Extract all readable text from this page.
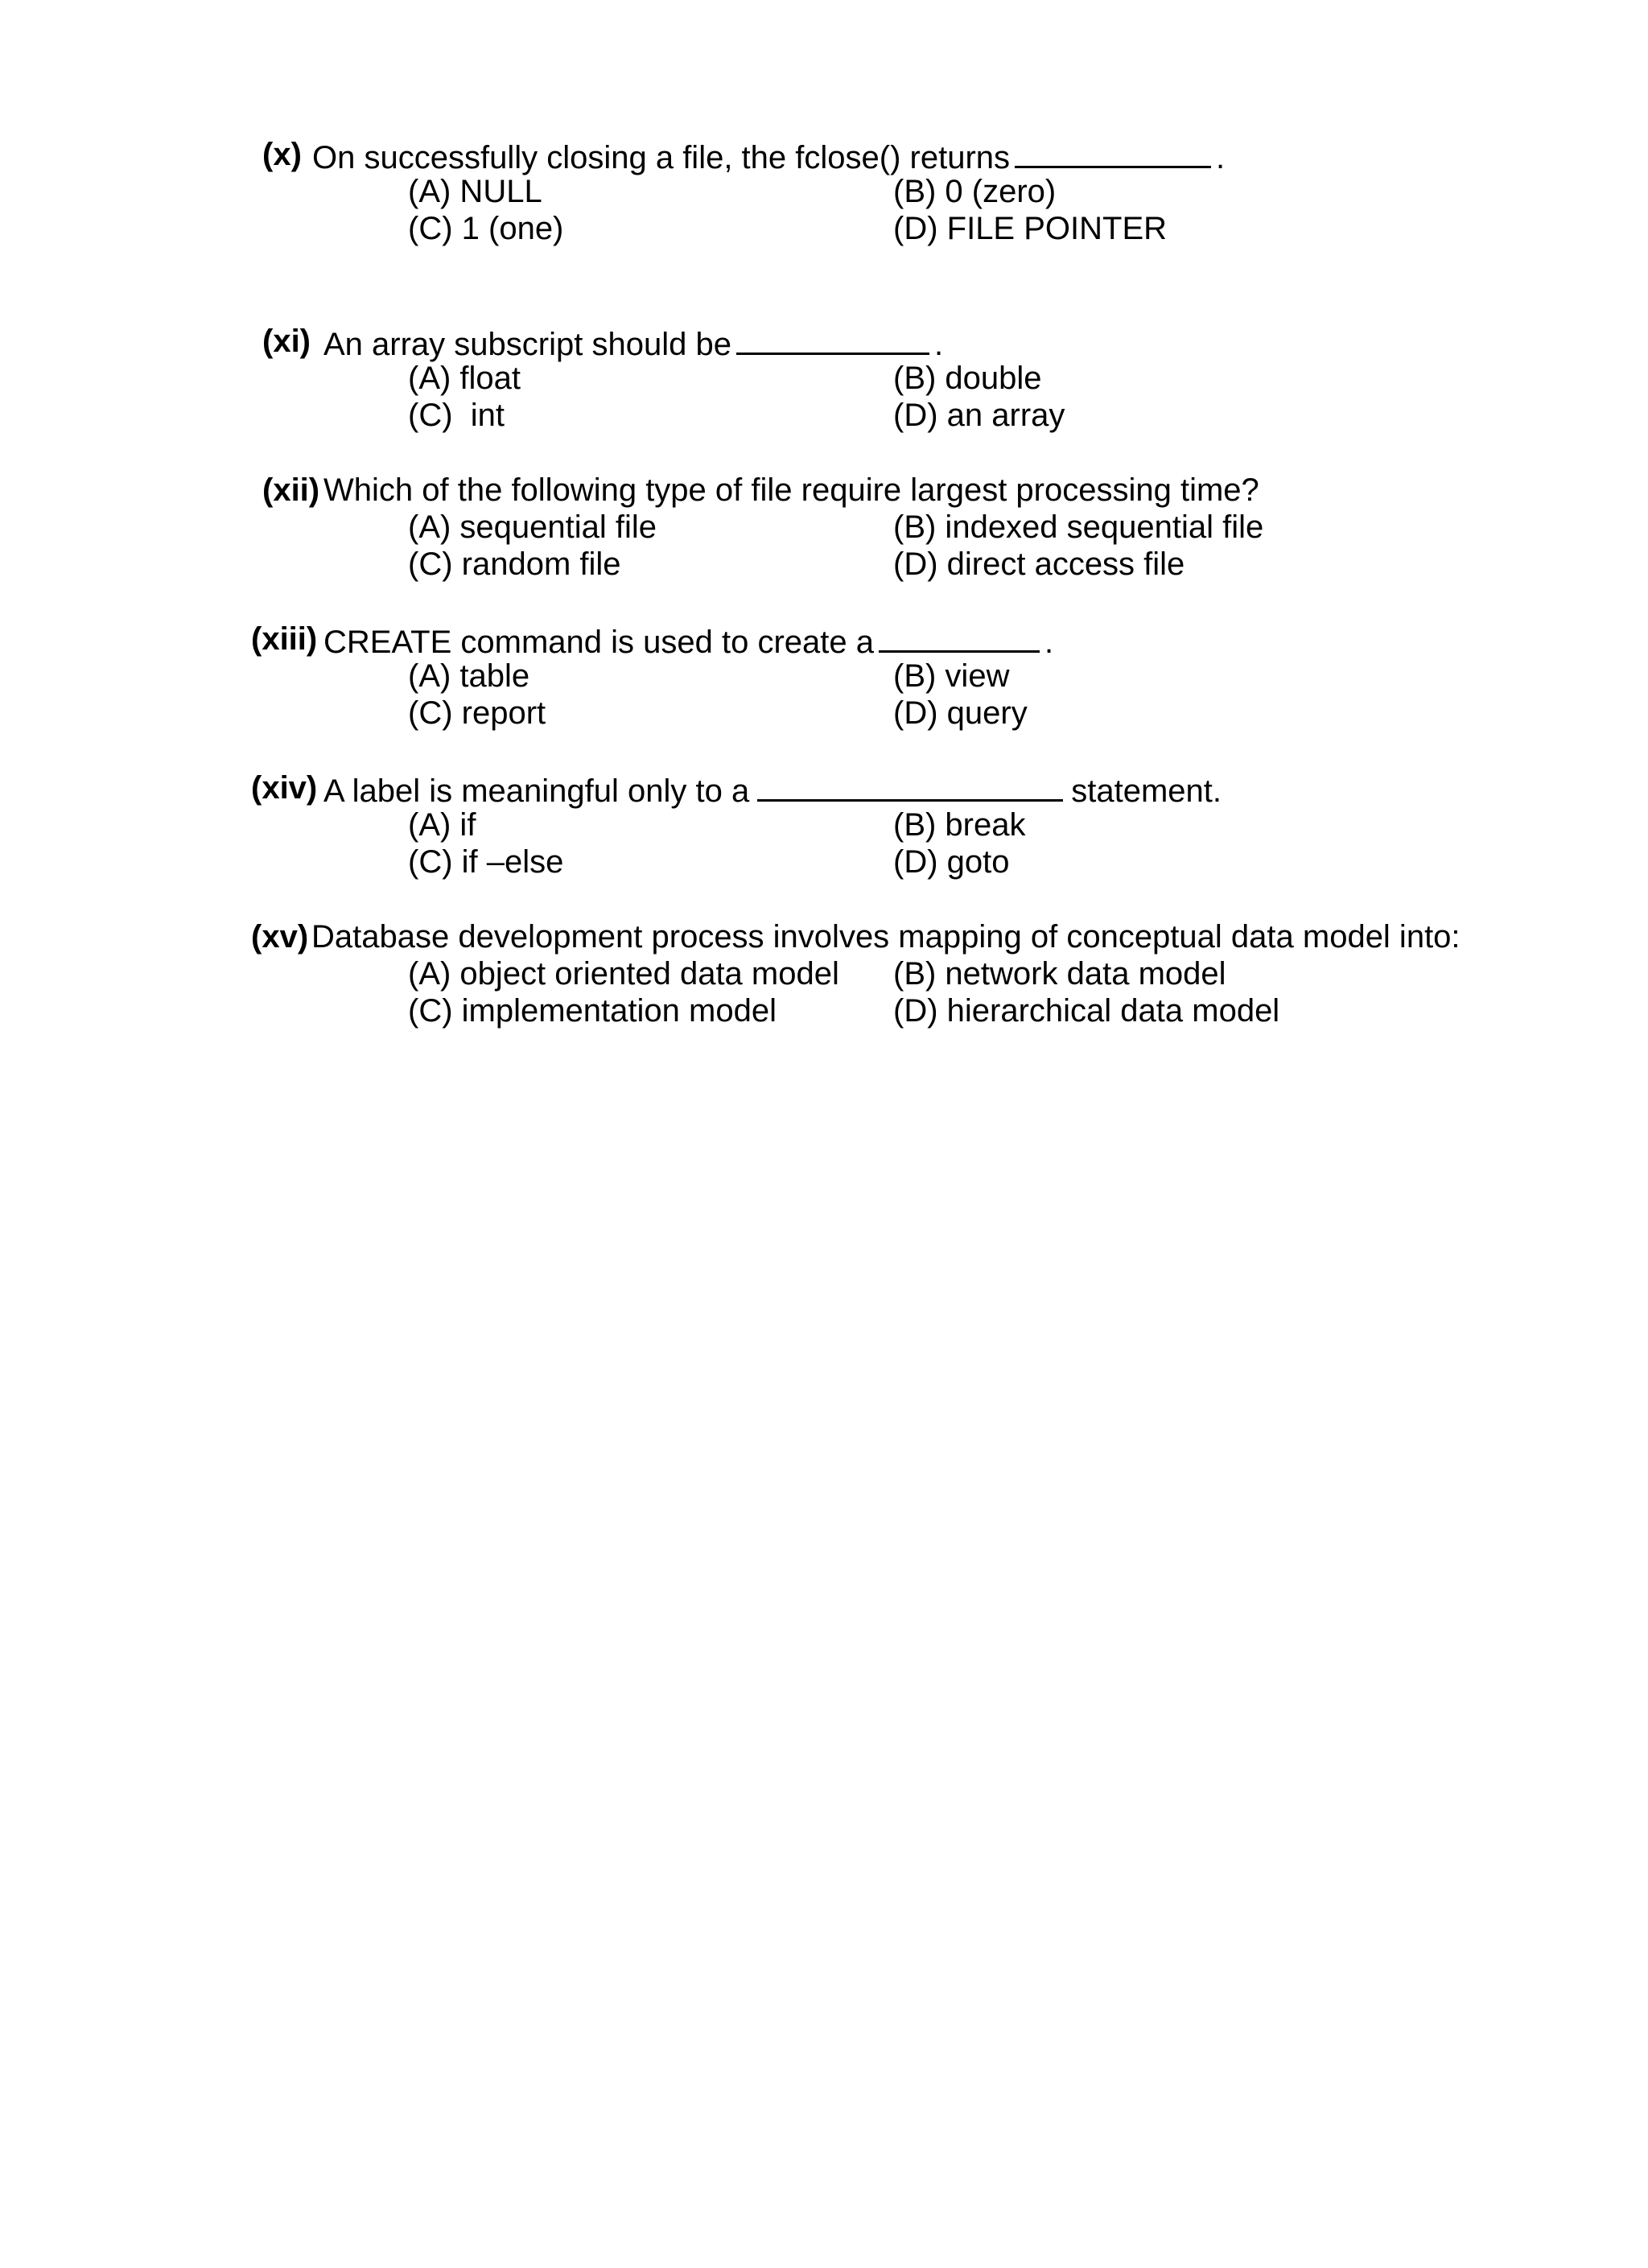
(x) On successfully closing a file, the fclose() returns	.
(A) NULL	(B) 0 (zero)
(C) 1 (one)	(D) FILE POINTER
(xi) An array subscript should be	.
(A) float	(B) double
(C)  int	(D) an array
(xii) Which of the following type of file require largest processing time?
(A) sequential file	(B) indexed sequential file
(C) random file	(D) direct access file
(xiii) CREATE command is used to create a	.
(A) table	(B) view
(C) report	(D) query
(xiv) A label is meaningful only to a	statement.
(A) if	(B) break
(C) if –else	(D) goto
(xv) Database development process involves mapping of conceptual data model into:
(A) object oriented data model (B) network data model
(C) implementation model	(D) hierarchical data model
